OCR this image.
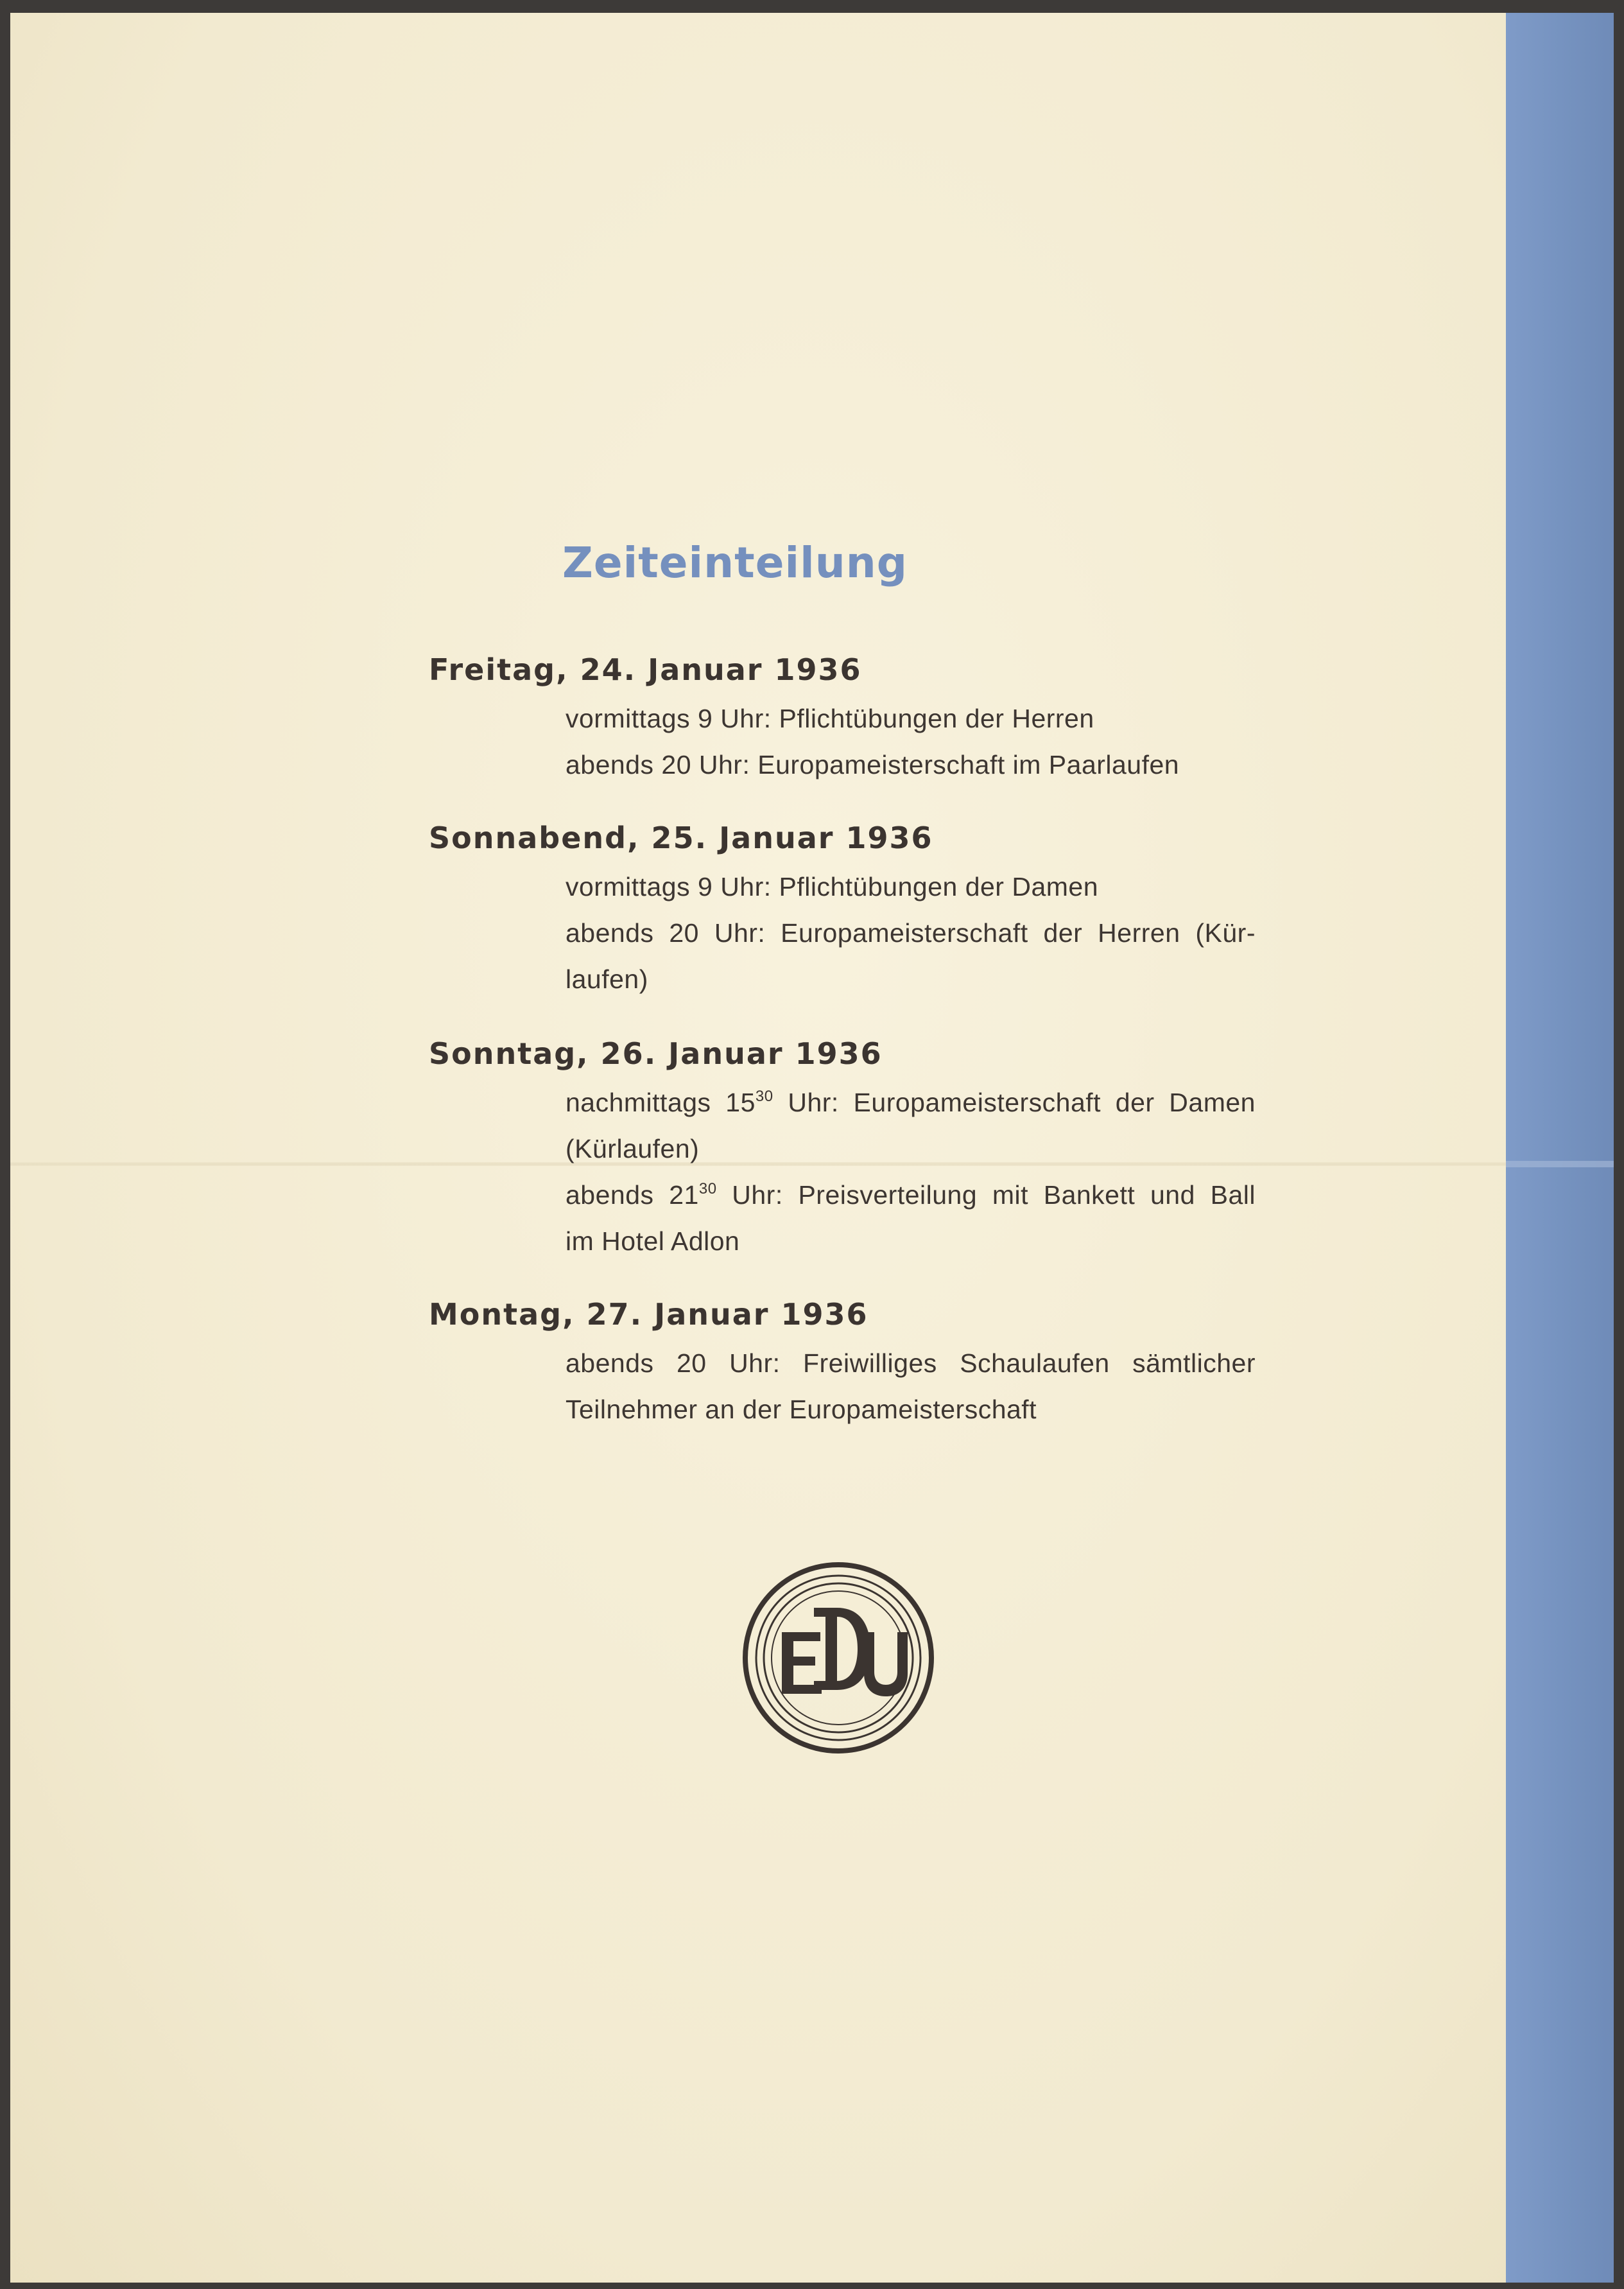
Zeiteinteilung
Freitag, 24. Januar 1936
vormittags 9 Uhr: Pflichtübungen der Herren
abends 20 Uhr: Europameisterschaft im Paarlaufen
Sonnabend, 25. Januar 1936
vormittags 9 Uhr: Pflichtübungen der Damen
abends 20 Uhr: Europameisterschaft der Herren (Kür-
laufen)
Sonntag, 26. Januar 1936
nachmittags $15^{30}$ Uhr: Europameisterschaft der Damen
(Kürlaufen)
abends $21^{30}$ Uhr: Preisverteilung mit Bankett und Ball
im Hotel Adlon
Montag, 27. Januar 1936
abends 20 Uhr: Freiwilliges Schaulaufen sämtlicher
Teilnehmer an der Europameisterschaft
